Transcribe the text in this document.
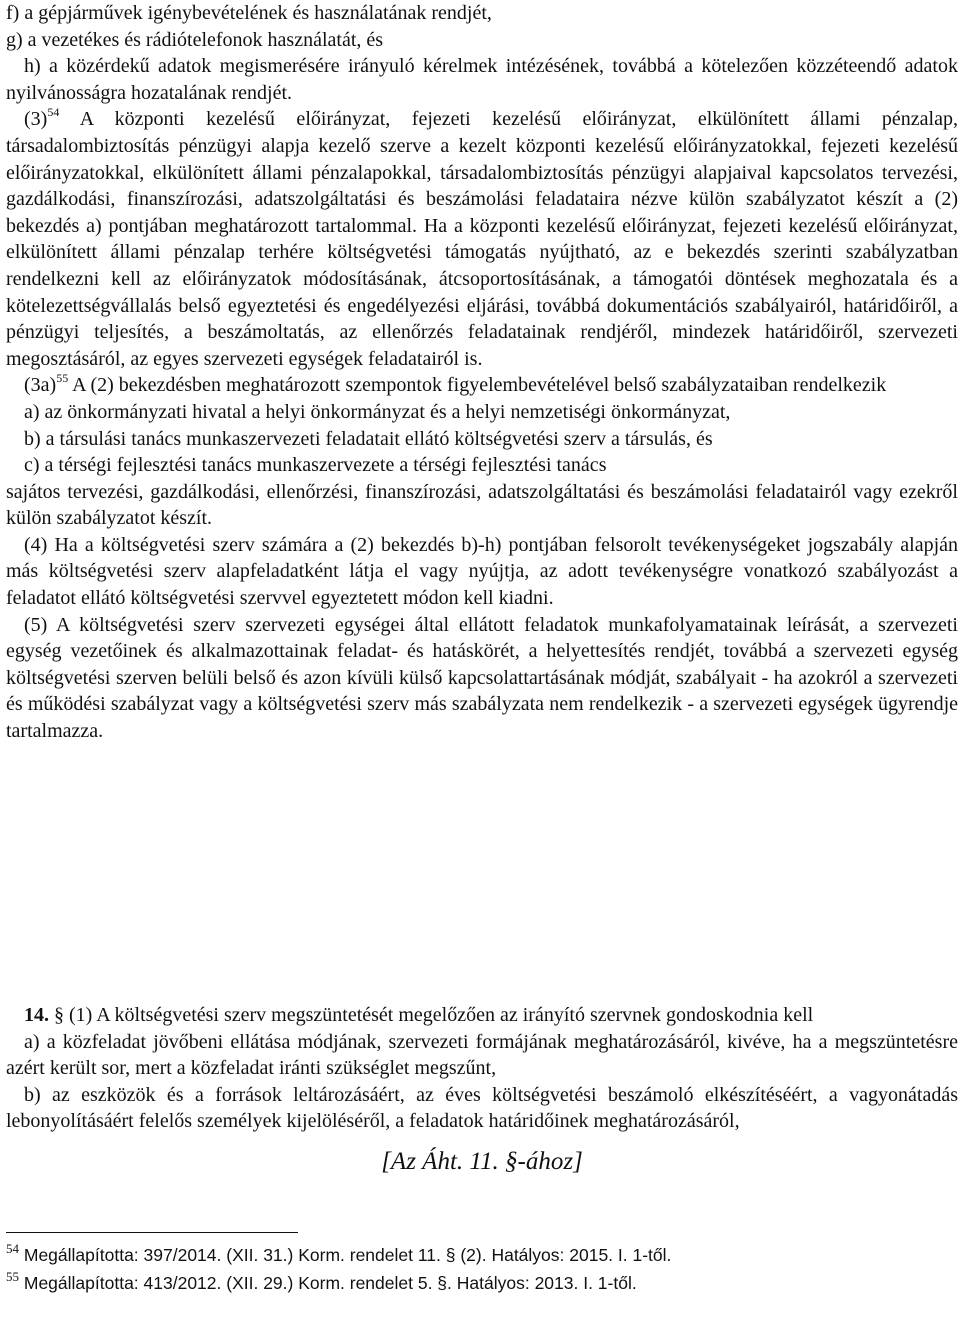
f) a gépjárművek igénybevételének és használatának rendjét,

g) a vezetékes és rádiótelefonok használatát, és

h) a közérdekű adatok megismerésére irányuló kérelmek intézésének, továbbá a kötelezően közzéteendő adatok nyilvánosságra hozatalának rendjét.

(3)$^{54}$ A központi kezelésű előirányzat, fejezeti kezelésű előirányzat, elkülönített állami pénzalap, társadalombiztosítás pénzügyi alapja kezelő szerve a kezelt központi kezelésű előirányzatokkal, fejezeti kezelésű előirányzatokkal, elkülönített állami pénzalapokkal, társadalombiztosítás pénzügyi alapjaival kapcsolatos tervezési, gazdálkodási, finanszírozási, adatszolgáltatási és beszámolási feladataira nézve külön szabályzatot készít a (2) bekezdés a) pontjában meghatározott tartalommal. Ha a központi kezelésű előirányzat, fejezeti kezelésű előirányzat, elkülönített állami pénzalap terhére költségvetési támogatás nyújtható, az e bekezdés szerinti szabályzatban rendelkezni kell az előirányzatok módosításának, átcsoportosításának, a támogatói döntések meghozatala és a kötelezettségvállalás belső egyeztetési és engedélyezési eljárási, továbbá dokumentációs szabályairól, határidőiről, a pénzügyi teljesítés, a beszámoltatás, az ellenőrzés feladatainak rendjéről, mindezek határidőiről, szervezeti megosztásáról, az egyes szervezeti egységek feladatairól is.

(3a)$^{55}$ A (2) bekezdésben meghatározott szempontok figyelembevételével belső szabályzataiban rendelkezik

a) az önkormányzati hivatal a helyi önkormányzat és a helyi nemzetiségi önkormányzat,

b) a társulási tanács munkaszervezeti feladatait ellátó költségvetési szerv a társulás, és

c) a térségi fejlesztési tanács munkaszervezete a térségi fejlesztési tanács

sajátos tervezési, gazdálkodási, ellenőrzési, finanszírozási, adatszolgáltatási és beszámolási feladatairól vagy ezekről külön szabályzatot készít.

(4) Ha a költségvetési szerv számára a (2) bekezdés b)-h) pontjában felsorolt tevékenységeket jogszabály alapján más költségvetési szerv alapfeladatként látja el vagy nyújtja, az adott tevékenységre vonatkozó szabályozást a feladatot ellátó költségvetési szervvel egyeztetett módon kell kiadni.

(5) A költségvetési szerv szervezeti egységei által ellátott feladatok munkafolyamatainak leírását, a szervezeti egység vezetőinek és alkalmazottainak feladat- és hatáskörét, a helyettesítés rendjét, továbbá a szervezeti egység költségvetési szerven belüli belső és azon kívüli külső kapcsolattartásának módját, szabályait - ha azokról a szervezeti és működési szabályzat vagy a költségvetési szerv más szabályzata nem rendelkezik - a szervezeti egységek ügyrendje tartalmazza.

[Az Áht. 11. §-ához]

14. § (1) A költségvetési szerv megszüntetését megelőzően az irányító szervnek gondoskodnia kell

a) a közfeladat jövőbeni ellátása módjának, szervezeti formájának meghatározásáról, kivéve, ha a megszüntetésre azért került sor, mert a közfeladat iránti szükséglet megszűnt,

b) az eszközök és a források leltározásáért, az éves költségvetési beszámoló elkészítéséért, a vagyonátadás lebonyolításáért felelős személyek kijelöléséről, a feladatok határidőinek meghatározásáról,

$^{54}$ Megállapította: 397/2014. (XII. 31.) Korm. rendelet 11. § (2). Hatályos: 2015. I. 1-től.

$^{55}$ Megállapította: 413/2012. (XII. 29.) Korm. rendelet 5. §. Hatályos: 2013. I. 1-től.
